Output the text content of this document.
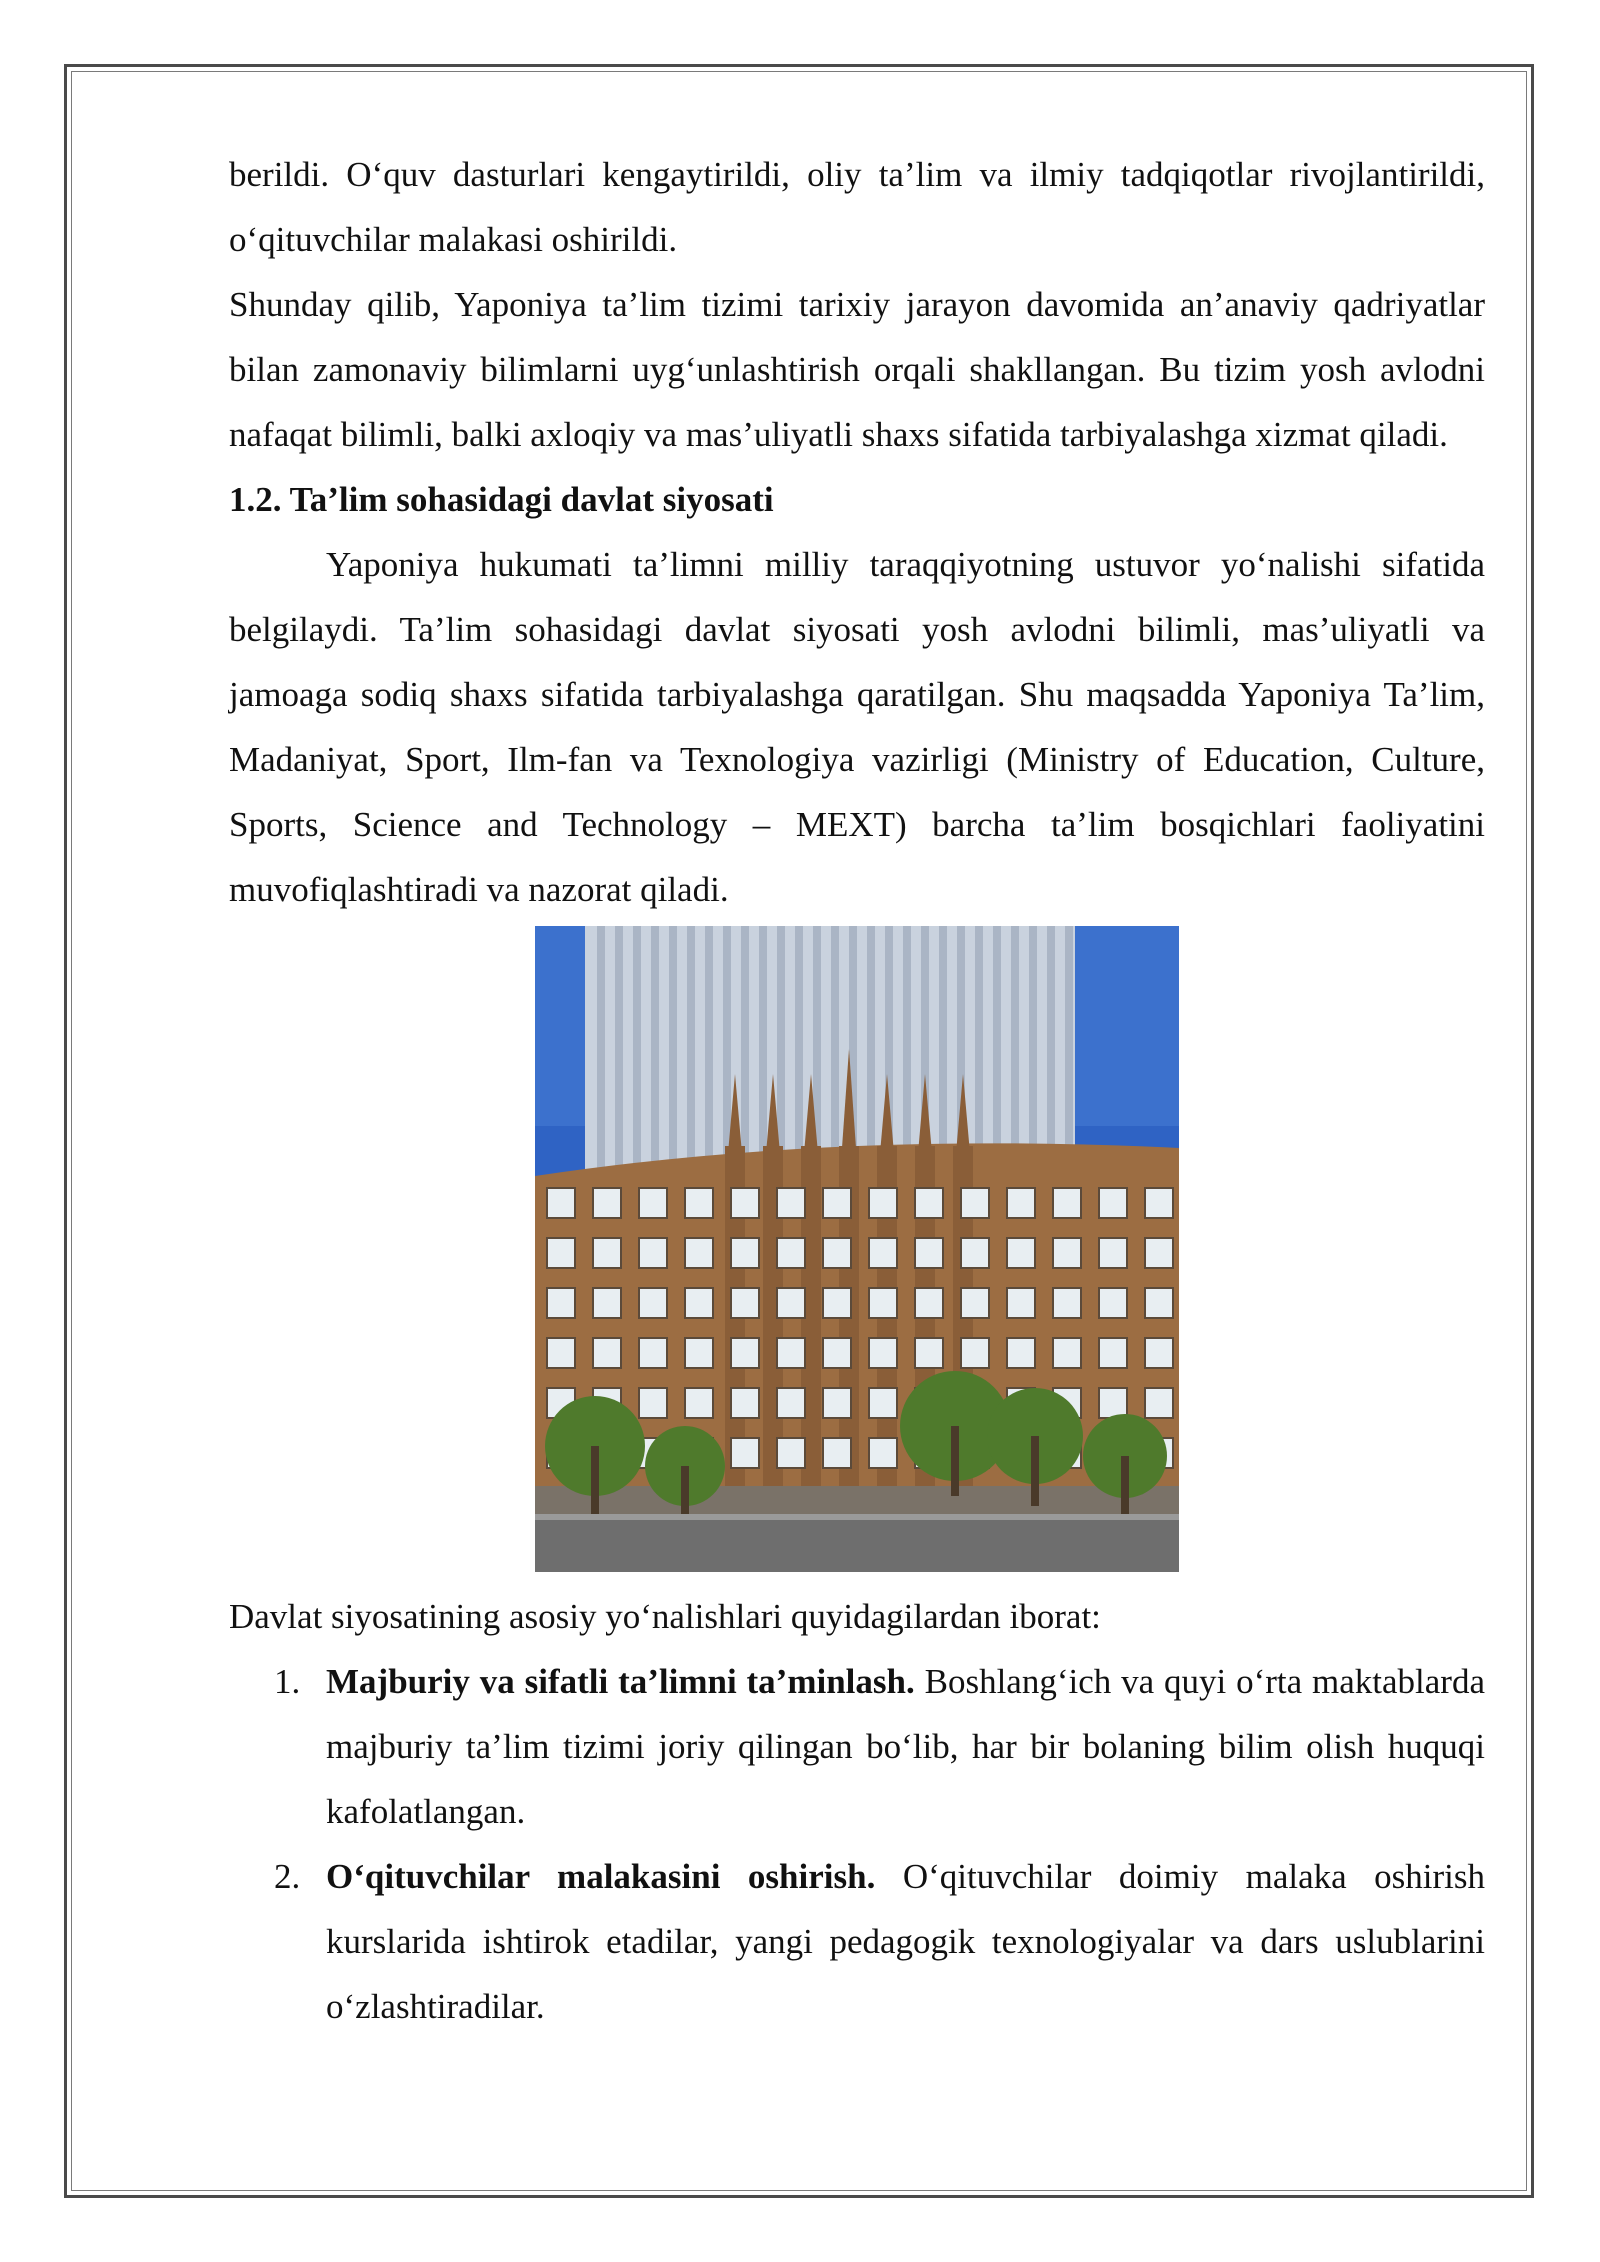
berildi. O‘quv dasturlari kengaytirildi, oliy ta’lim va ilmiy tadqiqotlar rivojlantirildi, o‘qituvchilar malakasi oshirildi.

Shunday qilib, Yaponiya ta’lim tizimi tarixiy jarayon davomida an’anaviy qadriyatlar bilan zamonaviy bilimlarni uyg‘unlashtirish orqali shakllangan. Bu tizim yosh avlodni nafaqat bilimli, balki axloqiy va mas’uliyatli shaxs sifatida tarbiyalashga xizmat qiladi.

1.2. Ta’lim sohasidagi davlat siyosati

Yaponiya hukumati ta’limni milliy taraqqiyotning ustuvor yo‘nalishi sifatida belgilaydi. Ta’lim sohasidagi davlat siyosati yosh avlodni bilimli, mas’uliyatli va jamoaga sodiq shaxs sifatida tarbiyalashga qaratilgan. Shu maqsadda Yaponiya Ta’lim, Madaniyat, Sport, Ilm-fan va Texnologiya vazirligi (Ministry of Education, Culture, Sports, Science and Technology – MEXT) barcha ta’lim bosqichlari faoliyatini muvofiqlashtiradi va nazorat qiladi.

Davlat siyosatining asosiy yo‘nalishlari quyidagilardan iborat:

1. Majburiy va sifatli ta’limni ta’minlash. Boshlang‘ich va quyi o‘rta maktablarda majburiy ta’lim tizimi joriy qilingan bo‘lib, har bir bolaning bilim olish huquqi kafolatlangan.
2. O‘qituvchilar malakasini oshirish. O‘qituvchilar doimiy malaka oshirish kurslarida ishtirok etadilar, yangi pedagogik texnologiyalar va dars uslublarini o‘zlashtiradilar.
